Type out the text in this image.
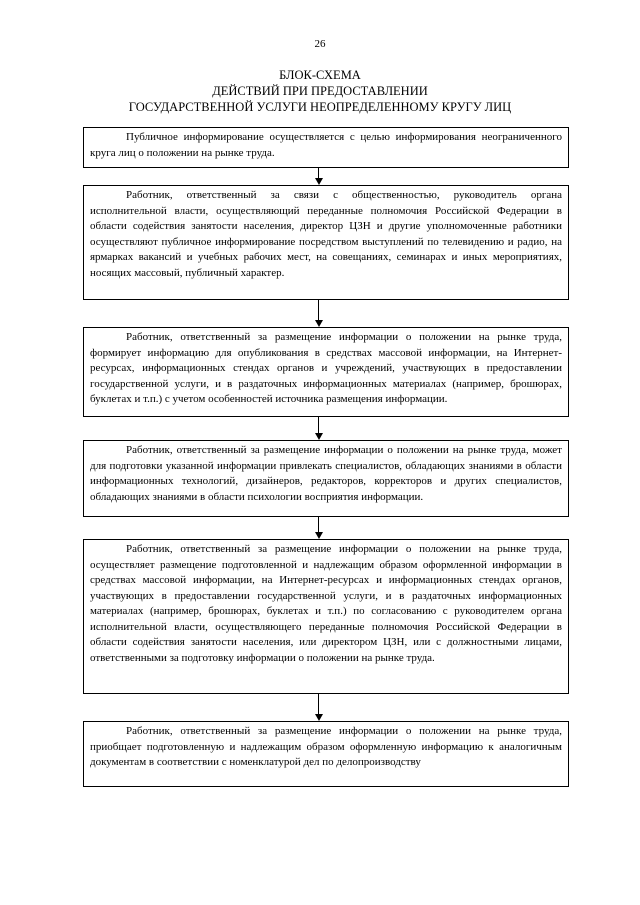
26
БЛОК-СХЕМА
ДЕЙСТВИЙ ПРИ ПРЕДОСТАВЛЕНИИ
ГОСУДАРСТВЕННОЙ УСЛУГИ НЕОПРЕДЕЛЕННОМУ КРУГУ ЛИЦ
Публичное информирование осуществляется с целью информирования неограниченного круга лиц о положении на рынке труда.
Работник, ответственный за связи с общественностью, руководитель органа исполнительной власти, осуществляющий переданные полномочия Российской Федерации в области содействия занятости населения, директор ЦЗН и другие уполномоченные работники осуществляют публичное информирование посредством выступлений по телевидению и радио, на ярмарках вакансий и учебных рабочих мест, на совещаниях, семинарах и иных мероприятиях, носящих массовый, публичный характер.
Работник, ответственный за размещение информации о положении на рынке труда, формирует информацию для опубликования в средствах массовой информации, на Интернет-ресурсах, информационных стендах органов и учреждений, участвующих в предоставлении государственной услуги, и в раздаточных информационных материалах (например, брошюрах, буклетах и т.п.) с учетом особенностей источника размещения информации.
Работник, ответственный за размещение информации о положении на рынке труда, может для подготовки указанной информации привлекать специалистов, обладающих знаниями в области информационных технологий, дизайнеров, редакторов, корректоров и других специалистов, обладающих знаниями в области психологии восприятия информации.
Работник, ответственный за размещение информации о положении на рынке труда, осуществляет размещение подготовленной и надлежащим образом оформленной информации в средствах массовой информации, на Интернет-ресурсах и информационных стендах органов, участвующих в предоставлении государственной услуги, и в раздаточных информационных материалах (например, брошюрах, буклетах и т.п.) по согласованию с руководителем органа исполнительной власти, осуществляющего переданные полномочия Российской Федерации в области содействия занятости населения, или директором ЦЗН, или с должностными лицами, ответственными за подготовку информации о положении на рынке труда.
Работник, ответственный за размещение информации о положении на рынке труда, приобщает подготовленную и надлежащим образом оформленную информацию к аналогичным документам в соответствии с номенклатурой дел по делопроизводству
